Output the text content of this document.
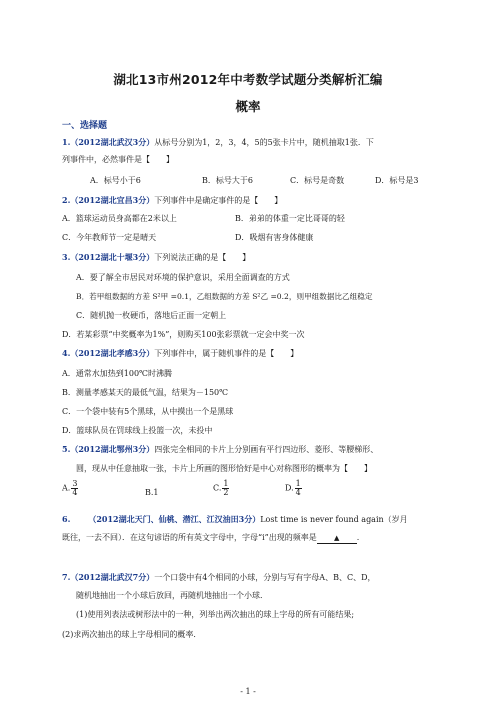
湖北13市州2012年中考数学试题分类解析汇编
概率
一、选择题
1.（2012湖北武汉3分）从标号分别为1，2，3，4，5的5张卡片中，随机抽取1张．下
列事件中，必然事件是【　　】
A．标号小于6	B．标号大于6	C．标号是奇数	D．标号是3
2.（2012湖北宜昌3分）下列事件中是确定事件的是【　　】
A．篮球运动员身高都在2米以上	B．弟弟的体重一定比哥哥的轻
C．今年教师节一定是晴天	D．吸烟有害身体健康
3.（2012湖北十堰3分）下列说法正确的是【　　】
A．要了解全市居民对环境的保护意识，采用全面调查的方式
B．若甲组数据的方差 S²甲 =0.1，乙组数据的方差 S²乙 =0.2，则甲组数据比乙组稳定
C．随机抛一枚硬币，落地后正面一定朝上
D．若某彩票“中奖概率为1%”，则购买100张彩票就一定会中奖一次
4.（2012湖北孝感3分）下列事件中，属于随机事件的是【　　】
A．通常水加热到100℃时沸腾
B．测量孝感某天的最低气温，结果为－150℃
C．一个袋中装有5个黑球，从中摸出一个是黑球
D．篮球队员在罚球线上投篮一次，未投中
5.（2012湖北鄂州3分）四张完全相同的卡片上分别画有平行四边形、菱形、等腰梯形、
圆，现从中任意抽取一张，卡片上所画的图形恰好是中心对称图形的概率为【　　】
A. $\frac{3}{4}$	B.1	C. $\frac{1}{2}$	D. $\frac{1}{4}$
6. （2012湖北天门、仙桃、潜江、江汉油田3分）Lost time is never found again（岁月
既往，一去不回）．在这句谚语的所有英文字母中，字母“i”出现的频率是 ▲ .
7.（2012湖北武汉7分）一个口袋中有4个相同的小球，分别与写有字母A、B、C、D，
随机地抽出一个小球后放回，再随机地抽出一个小球．
(1)使用列表法或树形法中的一种，列举出两次抽出的球上字母的所有可能结果;
(2)求两次抽出的球上字母相同的概率．
- 1 -
